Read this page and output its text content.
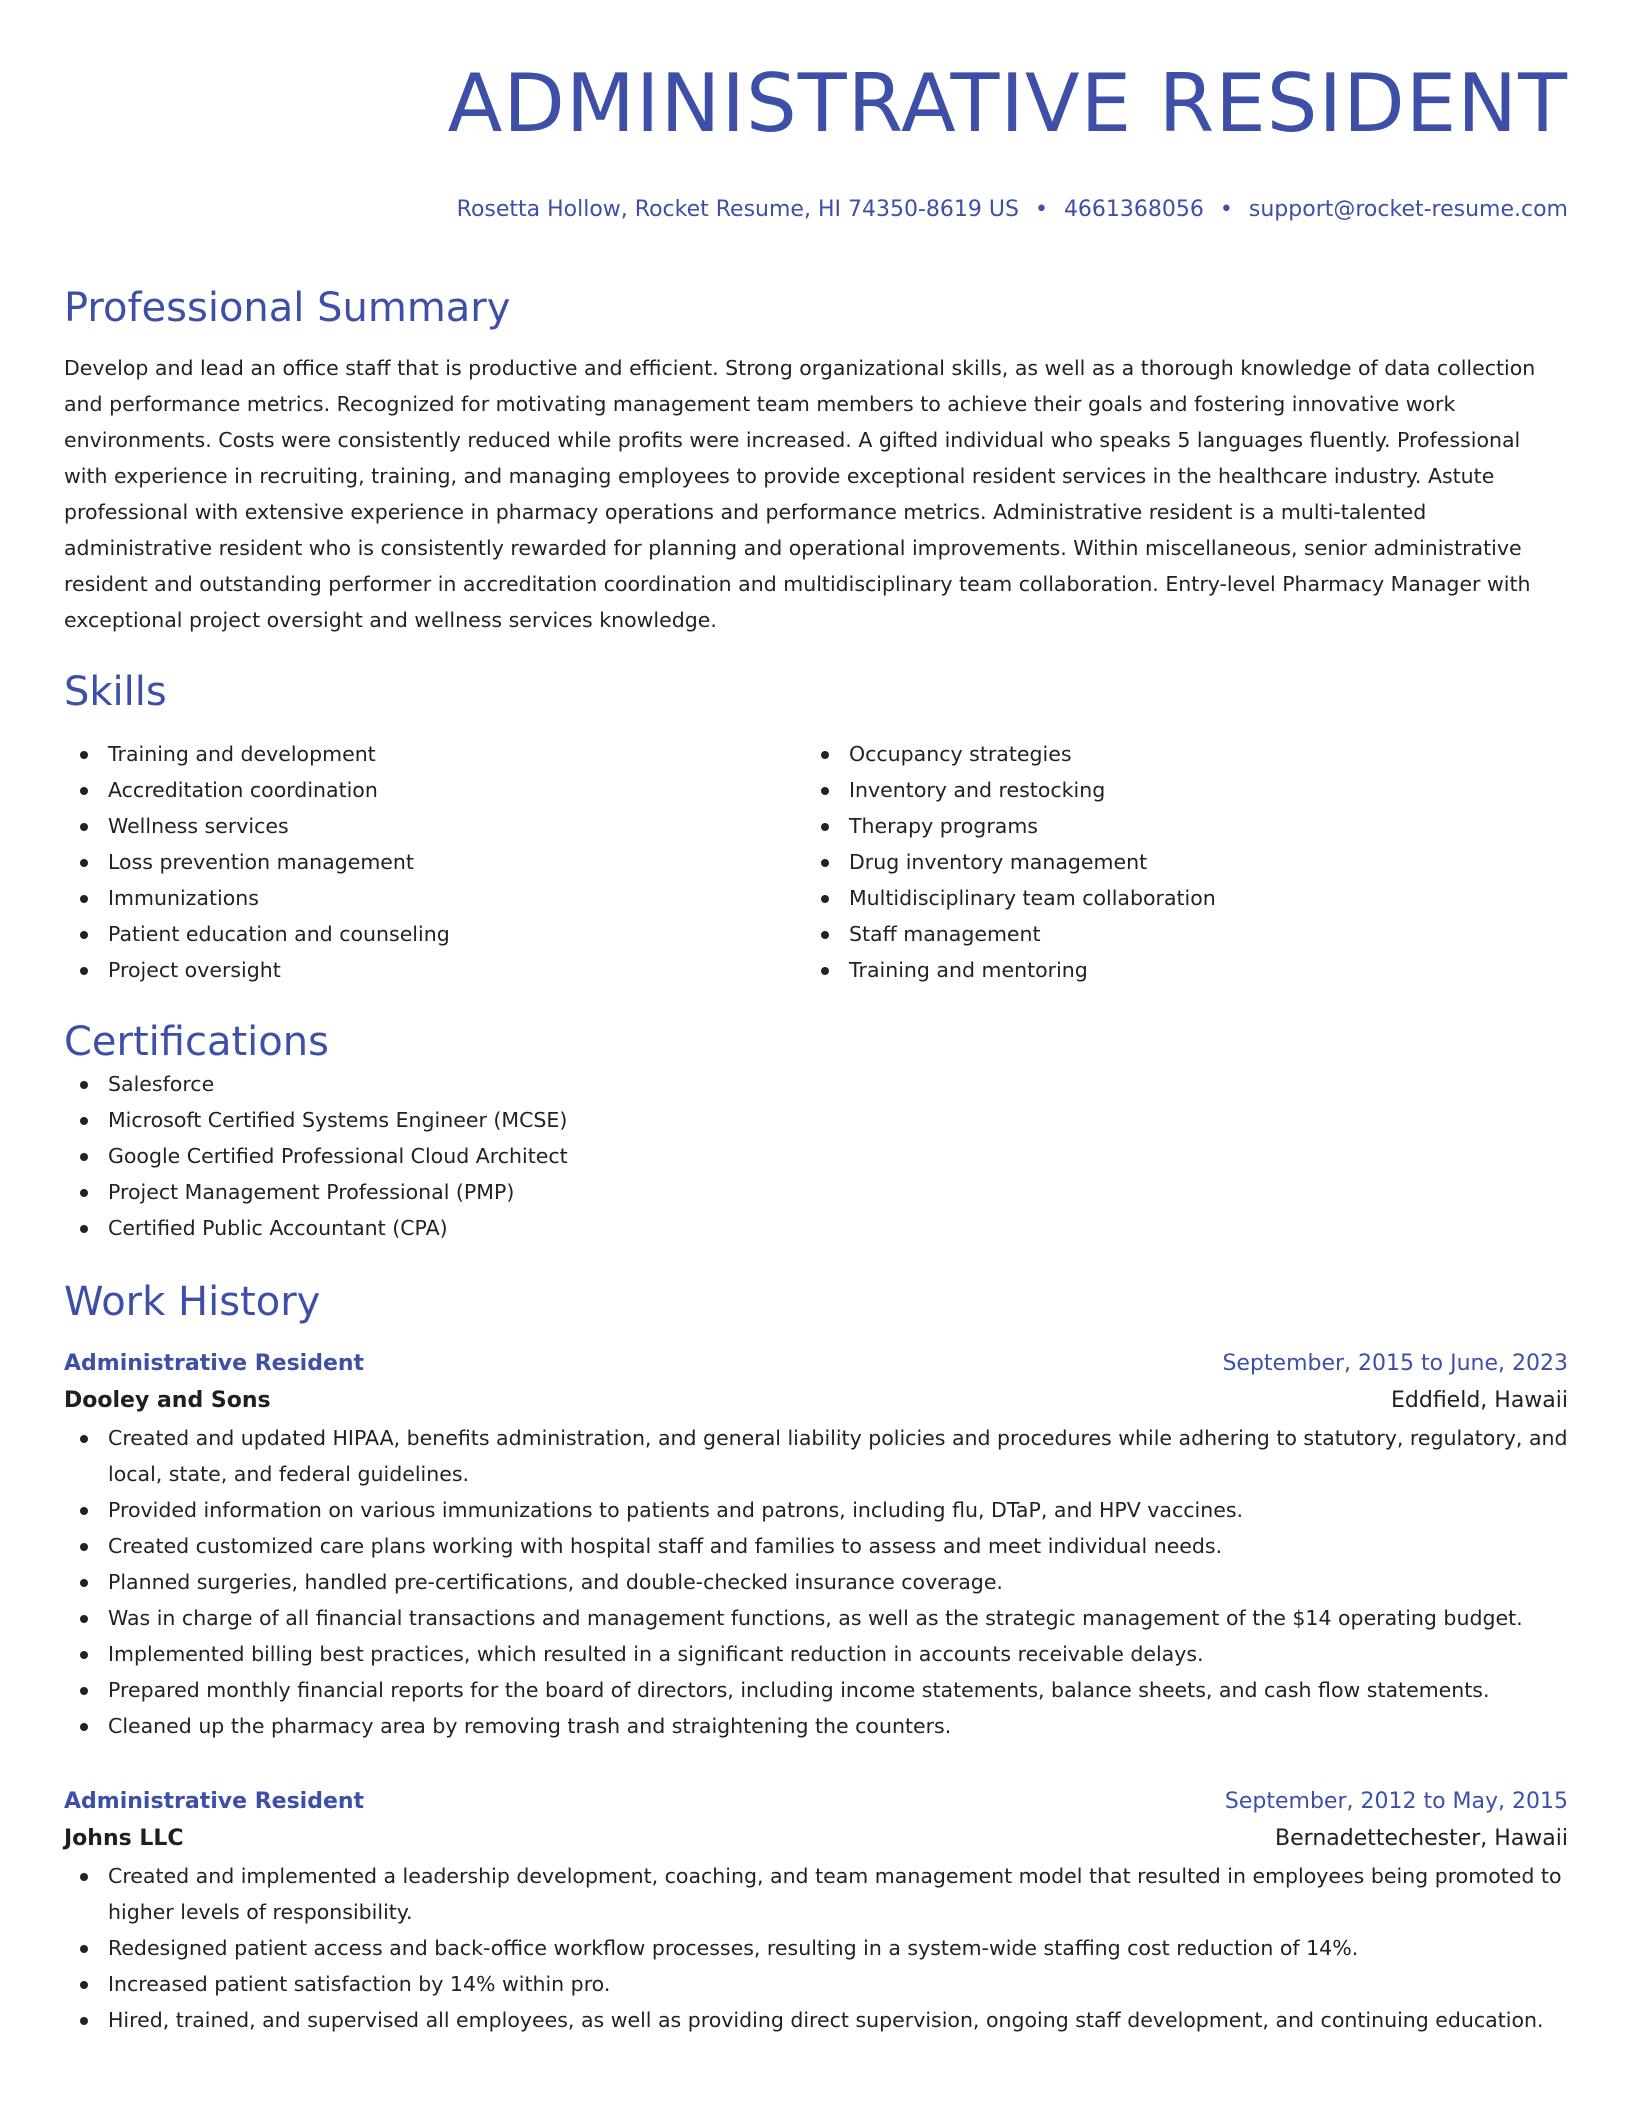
ADMINISTRATIVE RESIDENT
Rosetta Hollow, Rocket Resume, HI 74350-8619 US • 4661368056 • support@rocket-resume.com
Professional Summary
Develop and lead an office staff that is productive and efficient. Strong organizational skills, as well as a thorough knowledge of data collection and performance metrics. Recognized for motivating management team members to achieve their goals and fostering innovative work environments. Costs were consistently reduced while profits were increased. A gifted individual who speaks 5 languages fluently. Professional with experience in recruiting, training, and managing employees to provide exceptional resident services in the healthcare industry. Astute professional with extensive experience in pharmacy operations and performance metrics. Administrative resident is a multi-talented administrative resident who is consistently rewarded for planning and operational improvements. Within miscellaneous, senior administrative resident and outstanding performer in accreditation coordination and multidisciplinary team collaboration. Entry-level Pharmacy Manager with exceptional project oversight and wellness services knowledge.
Skills
Training and development
Accreditation coordination
Wellness services
Loss prevention management
Immunizations
Patient education and counseling
Project oversight
Occupancy strategies
Inventory and restocking
Therapy programs
Drug inventory management
Multidisciplinary team collaboration
Staff management
Training and mentoring
Certifications
Salesforce
Microsoft Certified Systems Engineer (MCSE)
Google Certified Professional Cloud Architect
Project Management Professional (PMP)
Certified Public Accountant (CPA)
Work History
Administrative Resident	September, 2015 to June, 2023
Dooley and Sons	Eddfield, Hawaii
Created and updated HIPAA, benefits administration, and general liability policies and procedures while adhering to statutory, regulatory, and local, state, and federal guidelines.
Provided information on various immunizations to patients and patrons, including flu, DTaP, and HPV vaccines.
Created customized care plans working with hospital staff and families to assess and meet individual needs.
Planned surgeries, handled pre-certifications, and double-checked insurance coverage.
Was in charge of all financial transactions and management functions, as well as the strategic management of the $14 operating budget.
Implemented billing best practices, which resulted in a significant reduction in accounts receivable delays.
Prepared monthly financial reports for the board of directors, including income statements, balance sheets, and cash flow statements.
Cleaned up the pharmacy area by removing trash and straightening the counters.
Administrative Resident	September, 2012 to May, 2015
Johns LLC	Bernadettechester, Hawaii
Created and implemented a leadership development, coaching, and team management model that resulted in employees being promoted to higher levels of responsibility.
Redesigned patient access and back-office workflow processes, resulting in a system-wide staffing cost reduction of 14%.
Increased patient satisfaction by 14% within pro.
Hired, trained, and supervised all employees, as well as providing direct supervision, ongoing staff development, and continuing education.
